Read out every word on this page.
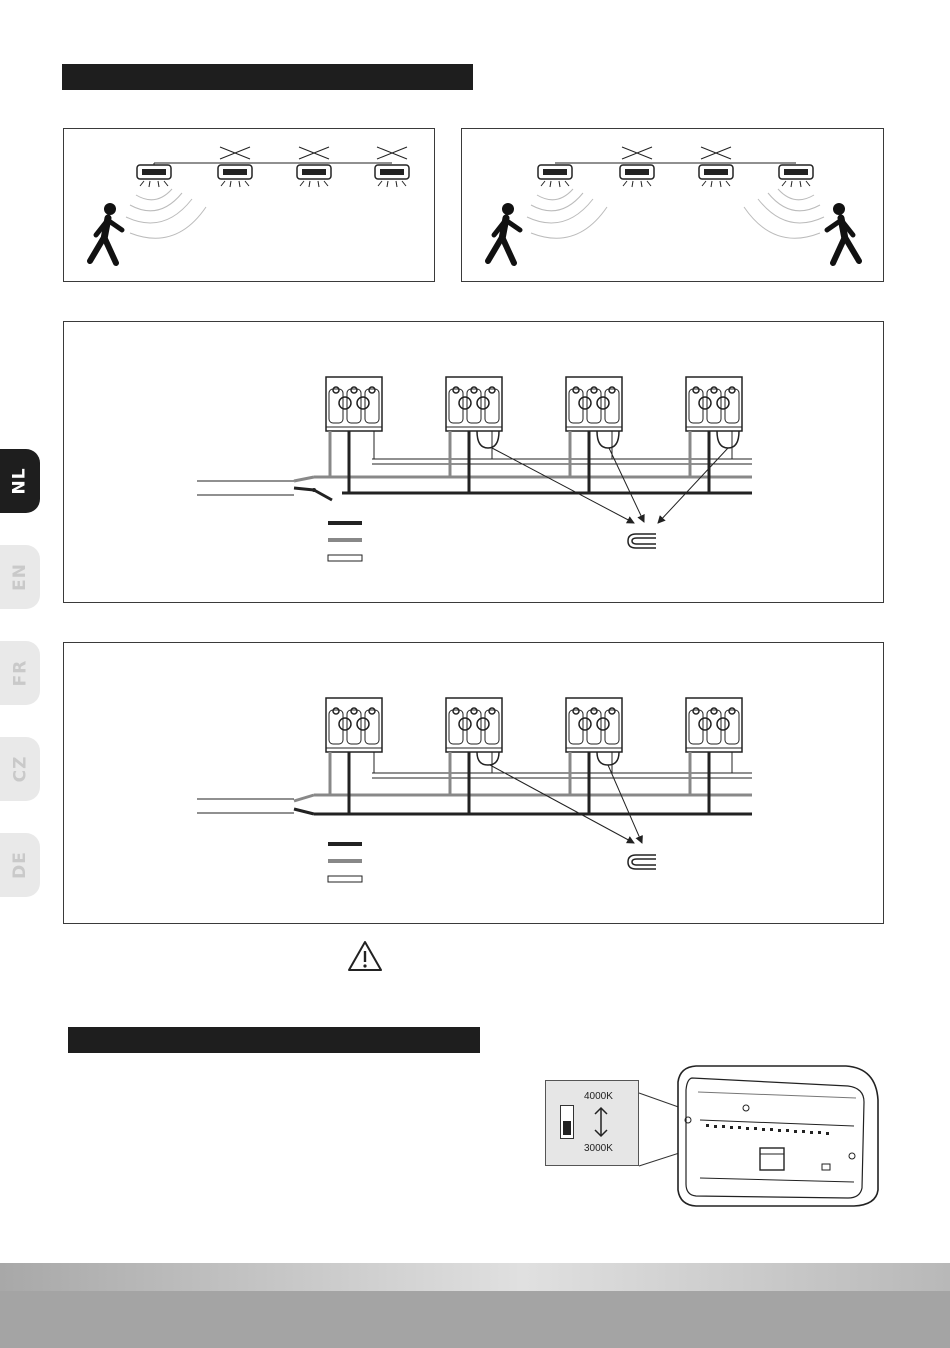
NL
EN
FR
CZ
DE
4000K
3000K
